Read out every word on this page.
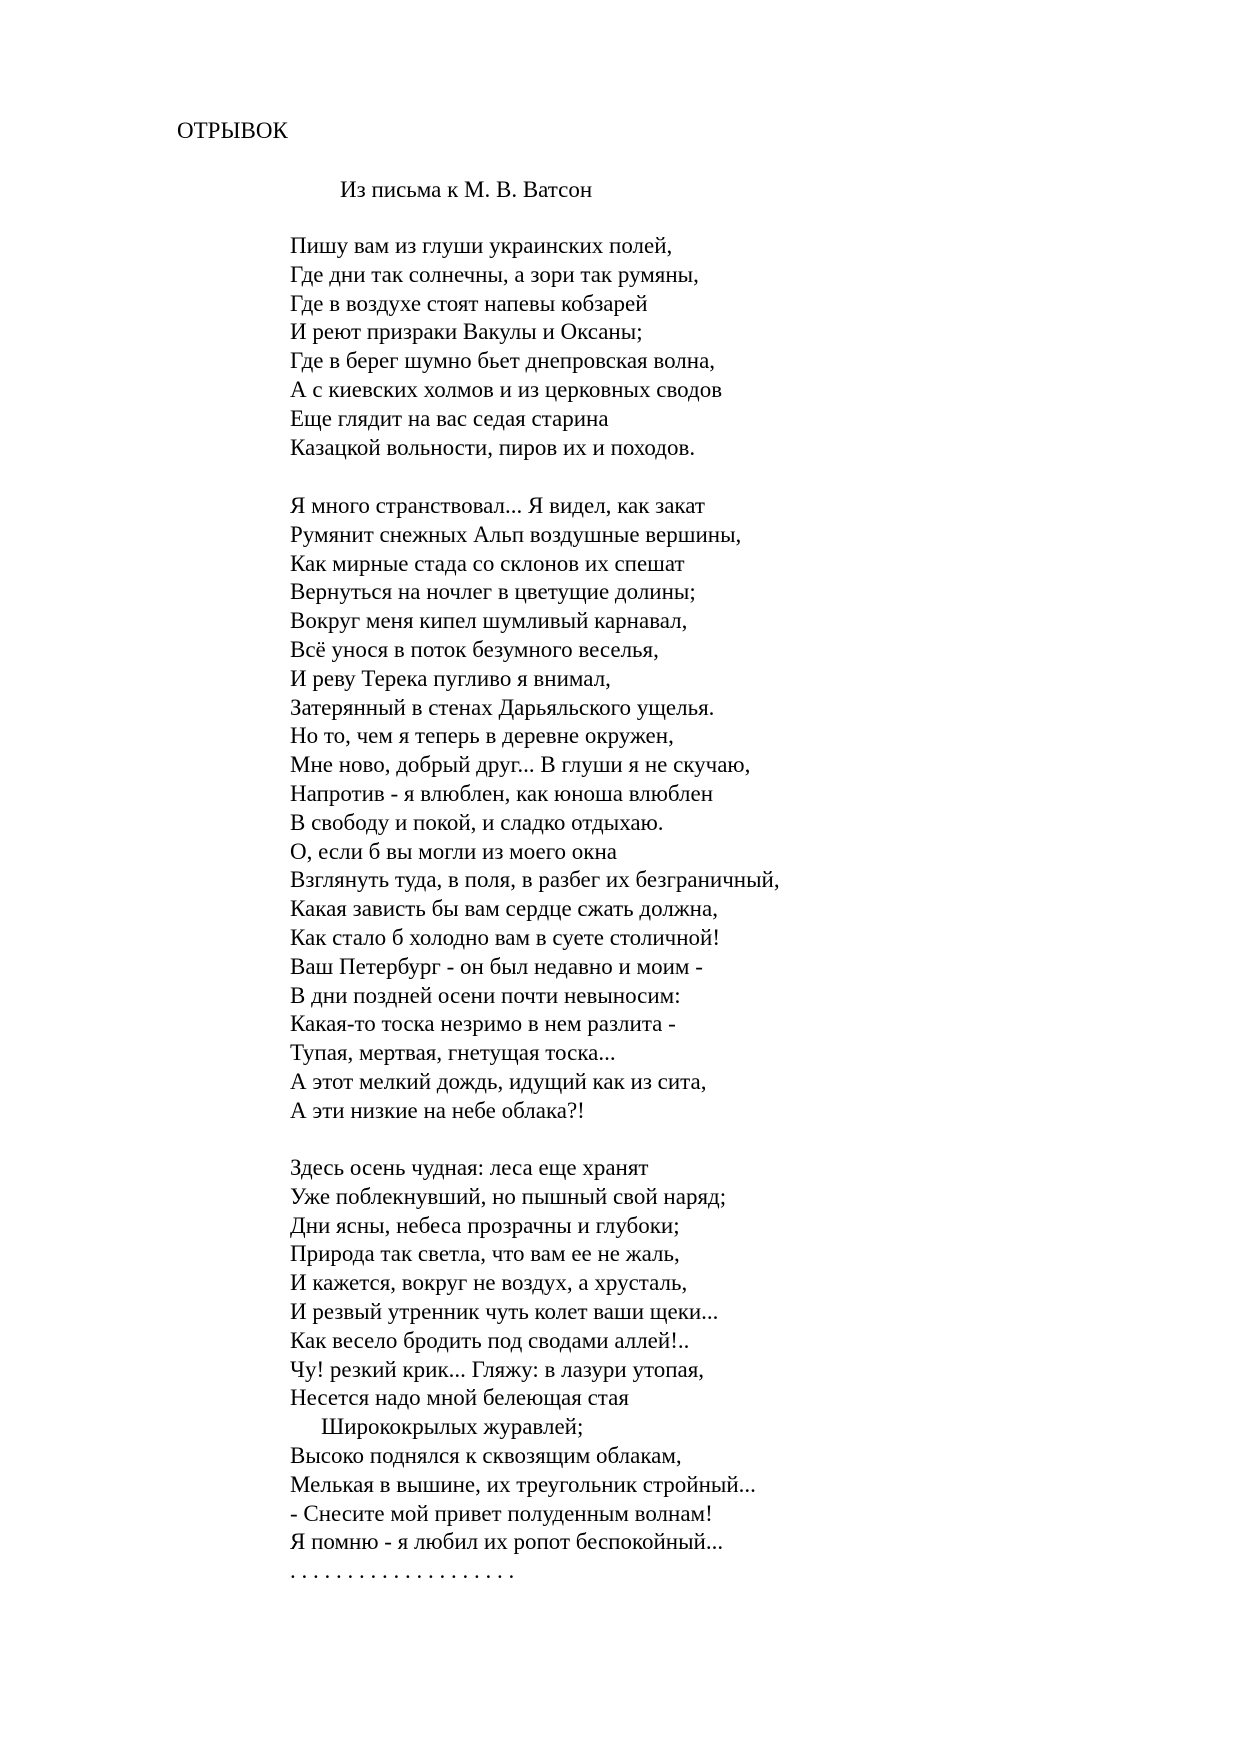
ОТРЫВОК
Из письма к М. В. Ватсон
Пишу вам из глуши украинских полей,
Где дни так солнечны, а зори так румяны,
Где в воздухе стоят напевы кобзарей
И реют призраки Вакулы и Оксаны;
Где в берег шумно бьет днепровская волна,
А с киевских холмов и из церковных сводов
Еще глядит на вас седая старина
Казацкой вольности, пиров их и походов.
Я много странствовал... Я видел, как закат
Румянит снежных Альп воздушные вершины,
Как мирные стада со склонов их спешат
Вернуться на ночлег в цветущие долины;
Вокруг меня кипел шумливый карнавал,
Всё унося в поток безумного веселья,
И реву Терека пугливо я внимал,
Затерянный в стенах Дарьяльского ущелья.
Но то, чем я теперь в деревне окружен,
Мне ново, добрый друг... В глуши я не скучаю,
Напротив - я влюблен, как юноша влюблен
В свободу и покой, и сладко отдыхаю.
О, если б вы могли из моего окна
Взглянуть туда, в поля, в разбег их безграничный,
Какая зависть бы вам сердце сжать должна,
Как стало б холодно вам в суете столичной!
Ваш Петербург - он был недавно и моим -
В дни поздней осени почти невыносим:
Какая-то тоска незримо в нем разлита -
Тупая, мертвая, гнетущая тоска...
А этот мелкий дождь, идущий как из сита,
А эти низкие на небе облака?!
Здесь осень чудная: леса еще хранят
Уже поблекнувший, но пышный свой наряд;
Дни ясны, небеса прозрачны и глубоки;
Природа так светла, что вам ее не жаль,
И кажется, вокруг не воздух, а хрусталь,
И резвый утренник чуть колет ваши щеки...
Как весело бродить под сводами аллей!..
Чу! резкий крик... Гляжу: в лазури утопая,
Несется надо мной белеющая стая
Ширококрылых журавлей;
Высоко поднялся к сквозящим облакам,
Мелькая в вышине, их треугольник стройный...
- Снесите мой привет полуденным волнам!
Я помню - я любил их ропот беспокойный...
. . . . . . . . . . . . . . . . . . . .
